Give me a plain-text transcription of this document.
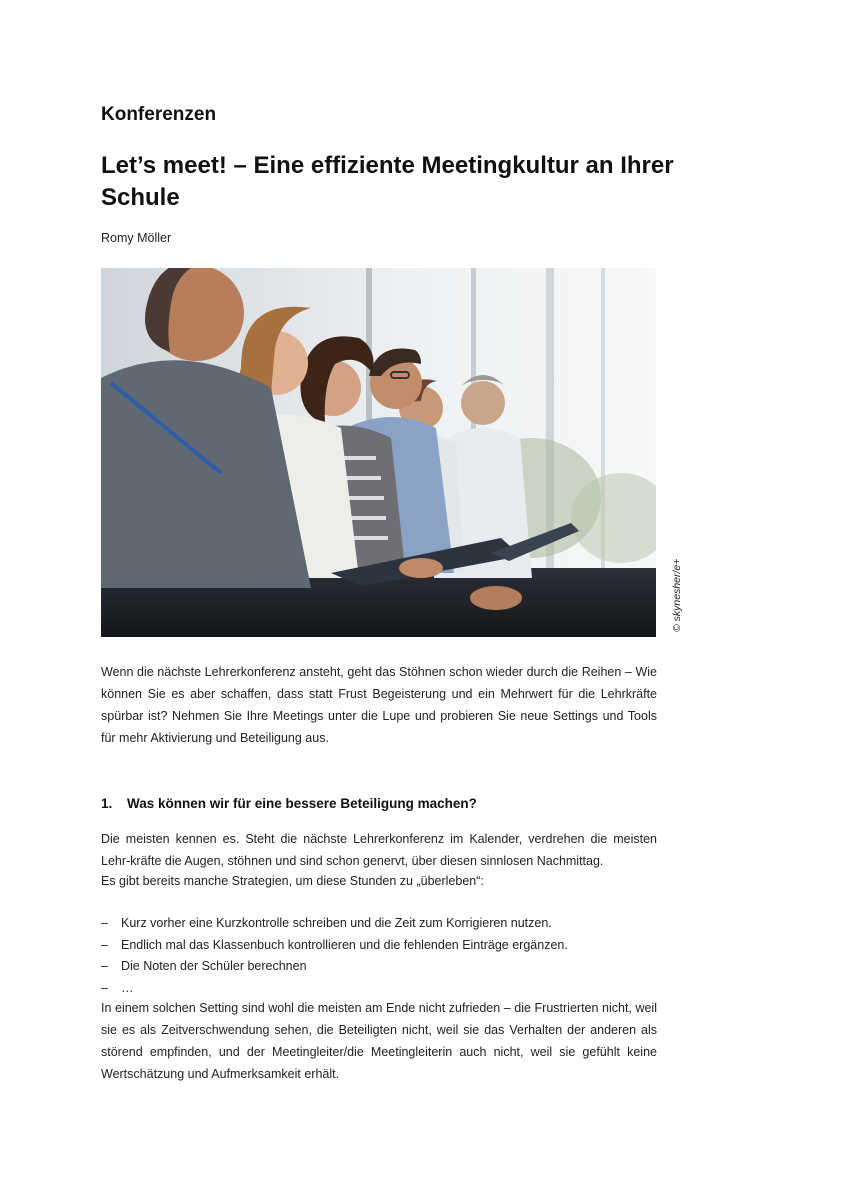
Konferenzen
Let’s meet! – Eine effiziente Meetingkultur an Ihrer Schule
Romy Möller
© skynesher/e+

Wenn die nächste Lehrerkonferenz ansteht, geht das Stöhnen schon wieder durch die Reihen – Wie können Sie es aber schaffen, dass statt Frust Begeisterung und ein Mehrwert für die Lehrkräfte spürbar ist? Nehmen Sie Ihre Meetings unter die Lupe und probieren Sie neue Settings und Tools für mehr Aktivierung und Beteiligung aus.

1. Was können wir für eine bessere Beteiligung machen?

Die meisten kennen es. Steht die nächste Lehrerkonferenz im Kalender, verdrehen die meisten Lehr-kräfte die Augen, stöhnen und sind schon genervt, über diesen sinnlosen Nachmittag.

Es gibt bereits manche Strategien, um diese Stunden zu „überleben“:

– Kurz vorher eine Kurzkontrolle schreiben und die Zeit zum Korrigieren nutzen.
– Endlich mal das Klassenbuch kontrollieren und die fehlenden Einträge ergänzen.
– Die Noten der Schüler berechnen
– …

In einem solchen Setting sind wohl die meisten am Ende nicht zufrieden – die Frustrierten nicht, weil sie es als Zeitverschwendung sehen, die Beteiligten nicht, weil sie das Verhalten der anderen als störend empfinden, und der Meetingleiter/die Meetingleiterin auch nicht, weil sie gefühlt keine Wertschätzung und Aufmerksamkeit erhält.
